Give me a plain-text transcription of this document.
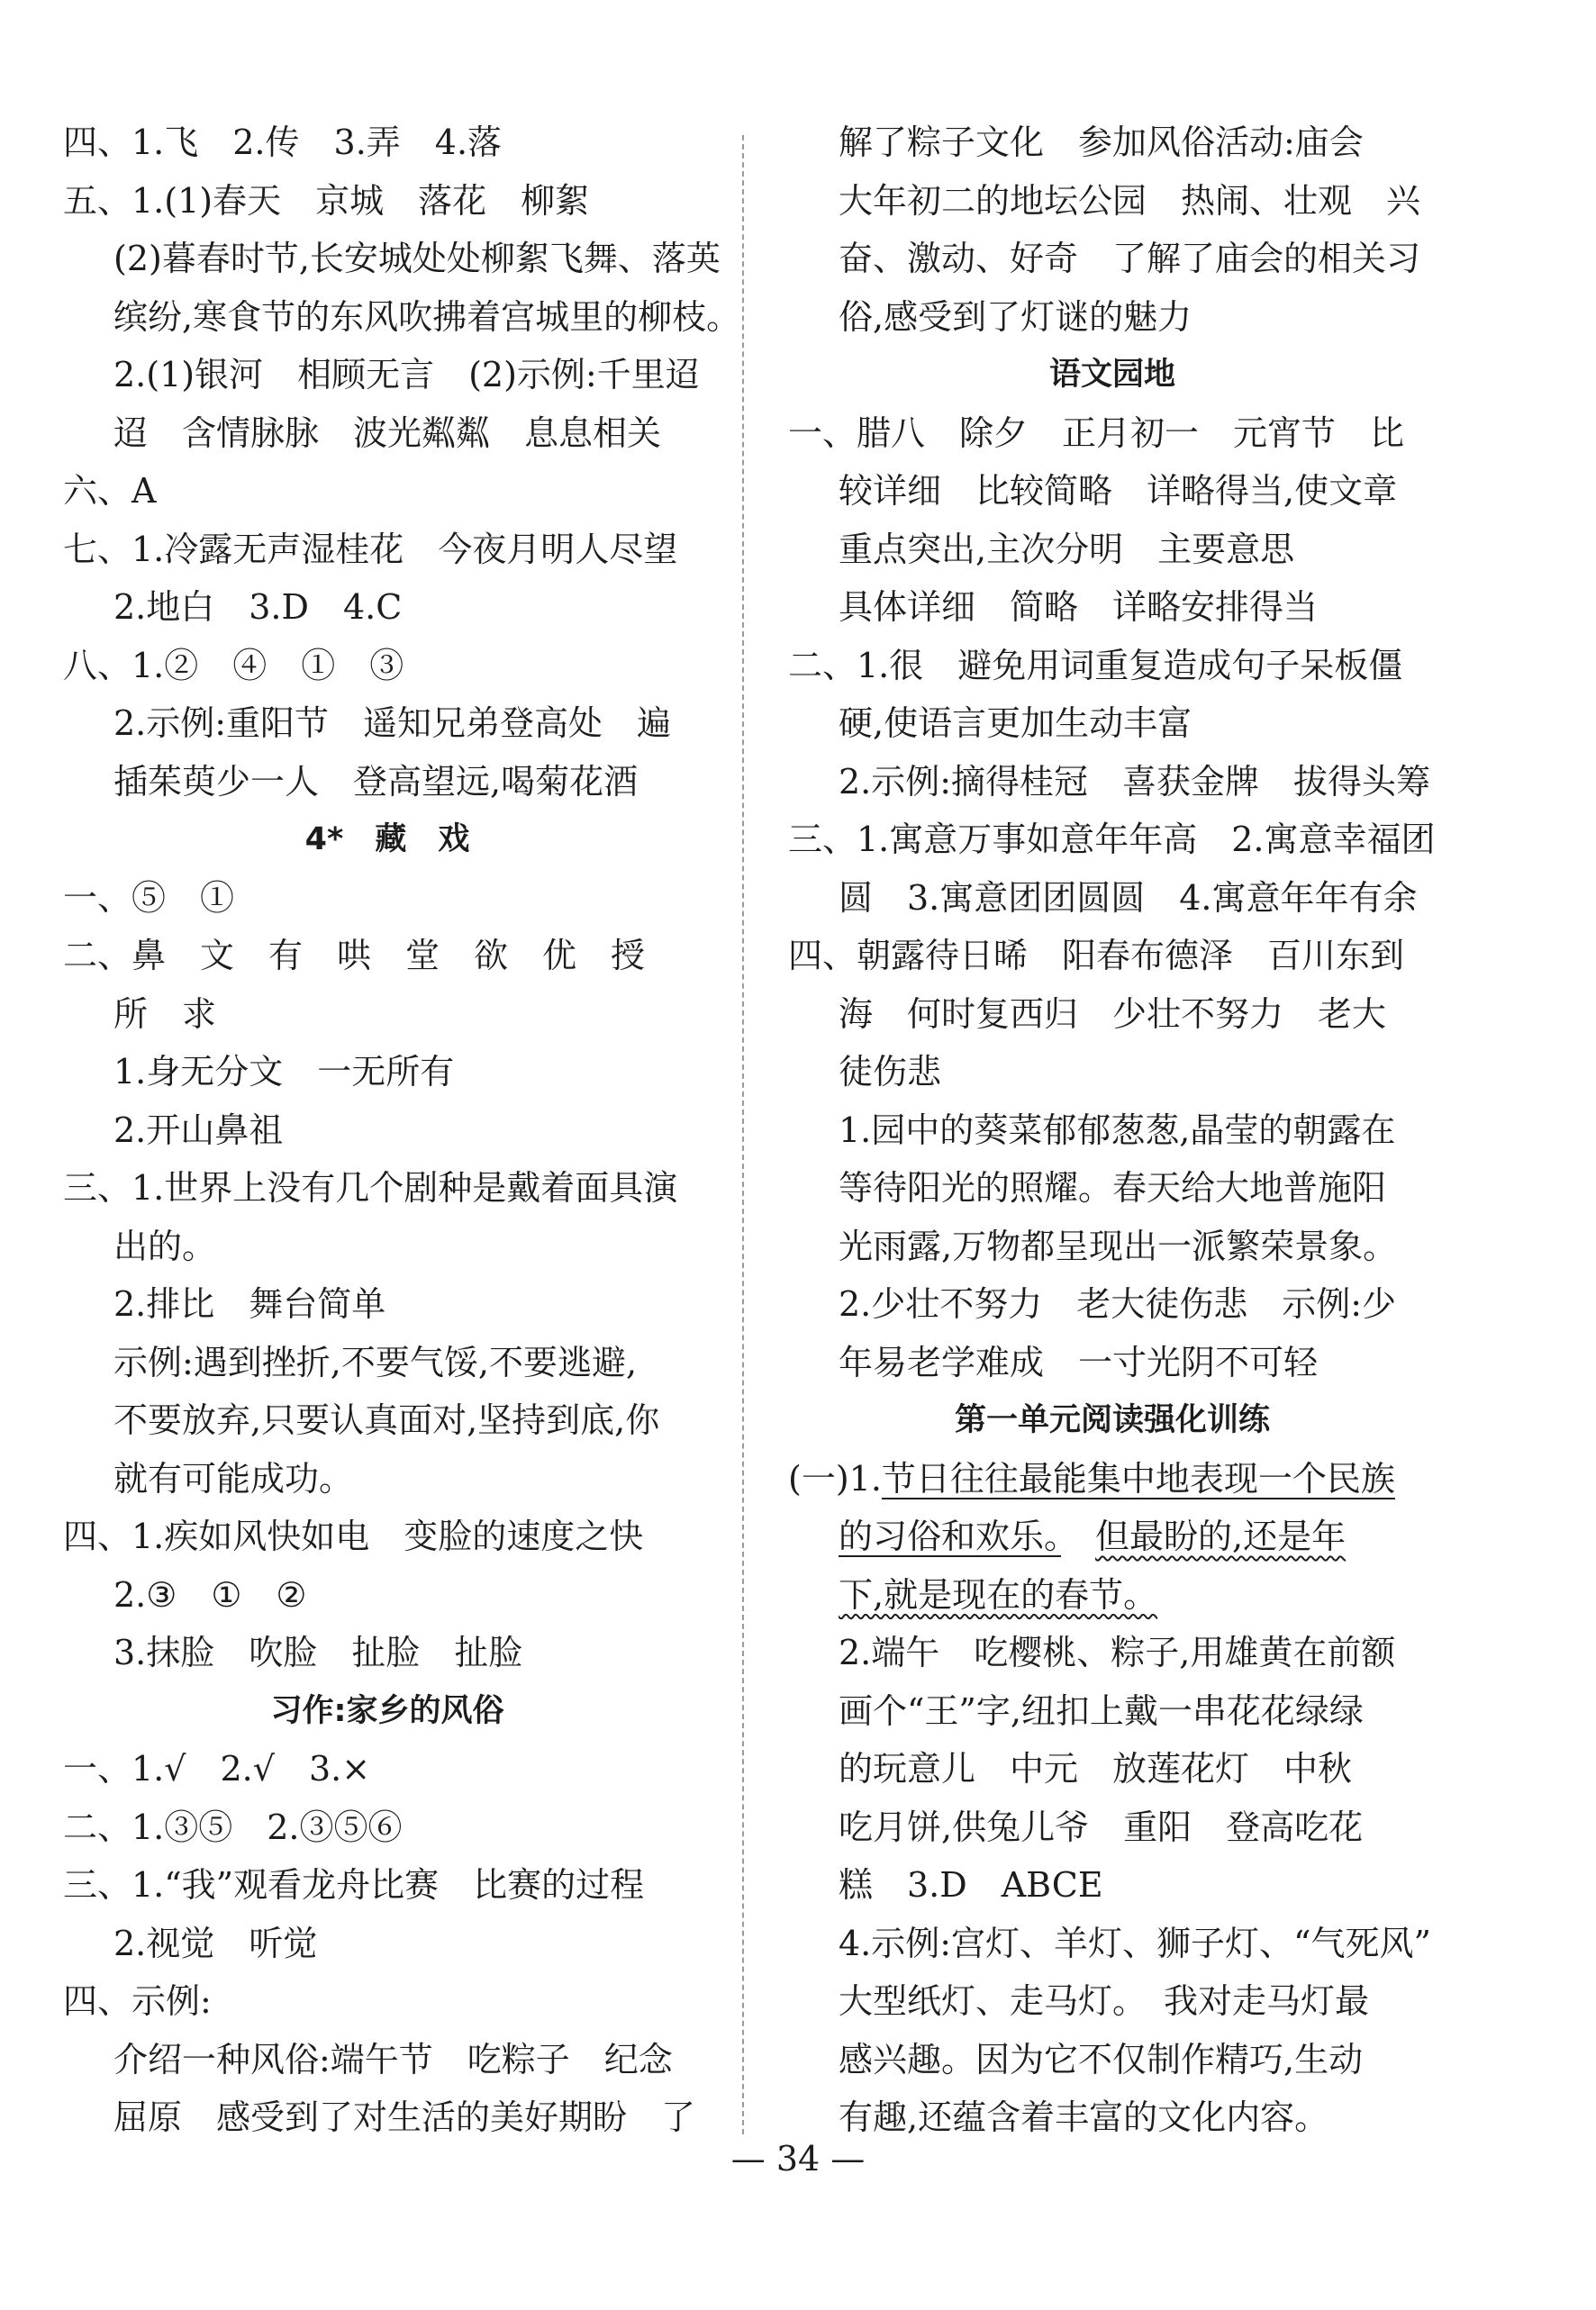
四、1.飞　2.传　3.弄　4.落
五、1.(1)春天　京城　落花　柳絮
(2)暮春时节,长安城处处柳絮飞舞、落英
缤纷,寒食节的东风吹拂着宫城里的柳枝。
2.(1)银河　相顾无言　(2)示例:千里迢
迢　含情脉脉　波光粼粼　息息相关
六、A
七、1.冷露无声湿桂花　今夜月明人尽望
2.地白　3.D　4.C
八、1.②　④　①　③
2.示例:重阳节　遥知兄弟登高处　遍
插茱萸少一人　登高望远,喝菊花酒
4*　藏　戏
一、⑤　①
二、鼻　文　有　哄　堂　欲　优　授
所　求
1.身无分文　一无所有
2.开山鼻祖
三、1.世界上没有几个剧种是戴着面具演
出的。
2.排比　舞台简单
示例:遇到挫折,不要气馁,不要逃避,
不要放弃,只要认真面对,坚持到底,你
就有可能成功。
四、1.疾如风快如电　变脸的速度之快
2.③　①　②
3.抹脸　吹脸　扯脸　扯脸
习作:家乡的风俗
一、1.√　2.√　3.×
二、1.③⑤　2.③⑤⑥
三、1.“我”观看龙舟比赛　比赛的过程
2.视觉　听觉
四、示例:
介绍一种风俗:端午节　吃粽子　纪念
屈原　感受到了对生活的美好期盼　了
解了粽子文化　参加风俗活动:庙会
大年初二的地坛公园　热闹、壮观　兴
奋、激动、好奇　了解了庙会的相关习
俗,感受到了灯谜的魅力
语文园地
一、腊八　除夕　正月初一　元宵节　比
较详细　比较简略　详略得当,使文章
重点突出,主次分明　主要意思
具体详细　简略　详略安排得当
二、1.很　避免用词重复造成句子呆板僵
硬,使语言更加生动丰富
2.示例:摘得桂冠　喜获金牌　拔得头筹
三、1.寓意万事如意年年高　2.寓意幸福团
圆　3.寓意团团圆圆　4.寓意年年有余
四、朝露待日晞　阳春布德泽　百川东到
海　何时复西归　少壮不努力　老大
徒伤悲
1.园中的葵菜郁郁葱葱,晶莹的朝露在
等待阳光的照耀。春天给大地普施阳
光雨露,万物都呈现出一派繁荣景象。
2.少壮不努力　老大徒伤悲　示例:少
年易老学难成　一寸光阴不可轻
第一单元阅读强化训练
(一)1.节日往往最能集中地表现一个民族
的习俗和欢乐。　 但最盼的,还是年
下,就是现在的春节。
2.端午　吃樱桃、粽子,用雄黄在前额
画个“王”字,纽扣上戴一串花花绿绿
的玩意儿　中元　放莲花灯　中秋
吃月饼,供兔儿爷　重阳　登高吃花
糕　3.D　ABCE
4.示例:宫灯、羊灯、狮子灯、“气死风”
大型纸灯、走马灯。　我对走马灯最
感兴趣。因为它不仅制作精巧,生动
有趣,还蕴含着丰富的文化内容。
— 34 —
